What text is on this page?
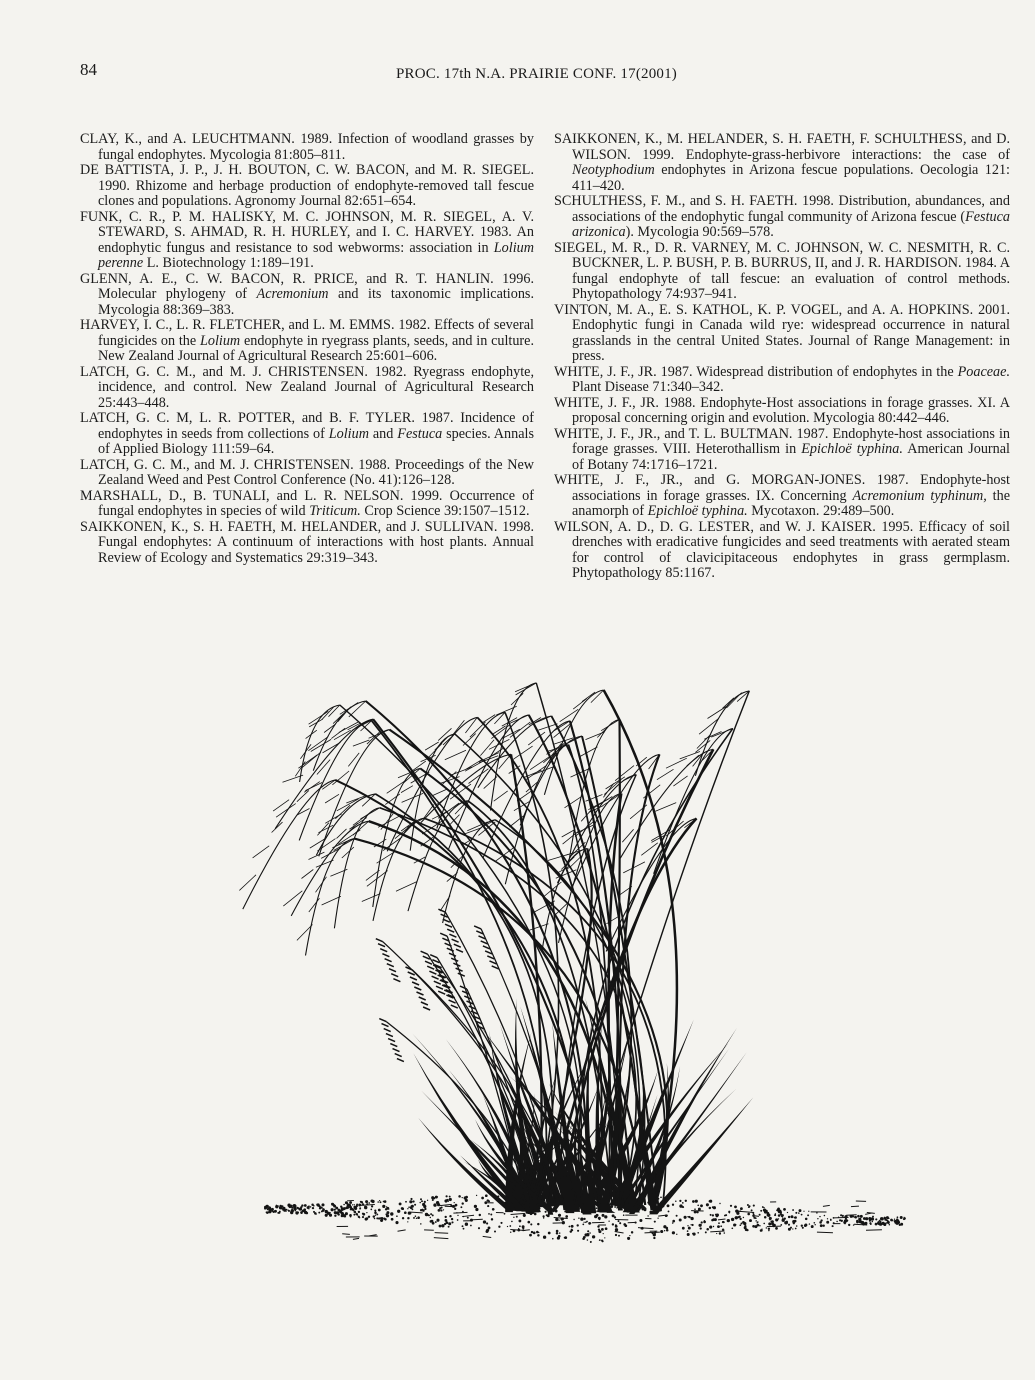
84	PROC. 17th N.A. PRAIRIE CONF. 17(2001)

CLAY, K., and A. LEUCHTMANN. 1989. Infection of woodland grasses by fungal endophytes. Mycologia 81:805–811.

DE BATTISTA, J. P., J. H. BOUTON, C. W. BACON, and M. R. SIEGEL. 1990. Rhizome and herbage production of endophyte-removed tall fescue clones and populations. Agronomy Journal 82:651–654.

FUNK, C. R., P. M. HALISKY, M. C. JOHNSON, M. R. SIEGEL, A. V. STEWARD, S. AHMAD, R. H. HURLEY, and I. C. HARVEY. 1983. An endophytic fungus and resistance to sod webworms: association in Lolium perenne L. Biotechnology 1:189–191.

GLENN, A. E., C. W. BACON, R. PRICE, and R. T. HANLIN. 1996. Molecular phylogeny of Acremonium and its taxonomic implications. Mycologia 88:369–383.

HARVEY, I. C., L. R. FLETCHER, and L. M. EMMS. 1982. Effects of several fungicides on the Lolium endophyte in ryegrass plants, seeds, and in culture. New Zealand Journal of Agricultural Research 25:601–606.

LATCH, G. C. M., and M. J. CHRISTENSEN. 1982. Ryegrass endophyte, incidence, and control. New Zealand Journal of Agricultural Research 25:443–448.

LATCH, G. C. M, L. R. POTTER, and B. F. TYLER. 1987. Incidence of endophytes in seeds from collections of Lolium and Festuca species. Annals of Applied Biology 111:59–64.

LATCH, G. C. M., and M. J. CHRISTENSEN. 1988. Proceedings of the New Zealand Weed and Pest Control Conference (No. 41):126–128.

MARSHALL, D., B. TUNALI, and L. R. NELSON. 1999. Occurrence of fungal endophytes in species of wild Triticum. Crop Science 39:1507–1512.

SAIKKONEN, K., S. H. FAETH, M. HELANDER, and J. SULLIVAN. 1998. Fungal endophytes: A continuum of interactions with host plants. Annual Review of Ecology and Systematics 29:319–343.

SAIKKONEN, K., M. HELANDER, S. H. FAETH, F. SCHULTHESS, and D. WILSON. 1999. Endophyte-grass-herbivore interactions: the case of Neotyphodium endophytes in Arizona fescue populations. Oecologia 121: 411–420.

SCHULTHESS, F. M., and S. H. FAETH. 1998. Distribution, abundances, and associations of the endophytic fungal community of Arizona fescue (Festuca arizonica). Mycologia 90:569–578.

SIEGEL, M. R., D. R. VARNEY, M. C. JOHNSON, W. C. NESMITH, R. C. BUCKNER, L. P. BUSH, P. B. BURRUS, II, and J. R. HARDISON. 1984. A fungal endophyte of tall fescue: an evaluation of control methods. Phytopathology 74:937–941.

VINTON, M. A., E. S. KATHOL, K. P. VOGEL, and A. A. HOPKINS. 2001. Endophytic fungi in Canada wild rye: widespread occurrence in natural grasslands in the central United States. Journal of Range Management: in press.

WHITE, J. F., JR. 1987. Widespread distribution of endophytes in the Poaceae. Plant Disease 71:340–342.

WHITE, J. F., JR. 1988. Endophyte-Host associations in forage grasses. XI. A proposal concerning origin and evolution. Mycologia 80:442–446.

WHITE, J. F., JR., and T. L. BULTMAN. 1987. Endophyte-host associations in forage grasses. VIII. Heterothallism in Epichloë typhina. American Journal of Botany 74:1716–1721.

WHITE, J. F., JR., and G. MORGAN-JONES. 1987. Endophyte-host associations in forage grasses. IX. Concerning Acremonium typhinum, the anamorph of Epichloë typhina. Mycotaxon. 29:489–500.

WILSON, A. D., D. G. LESTER, and W. J. KAISER. 1995. Efficacy of soil drenches with eradicative fungicides and seed treatments with aerated steam for control of clavicipitaceous endophytes in grass germplasm. Phytopathology 85:1167.
